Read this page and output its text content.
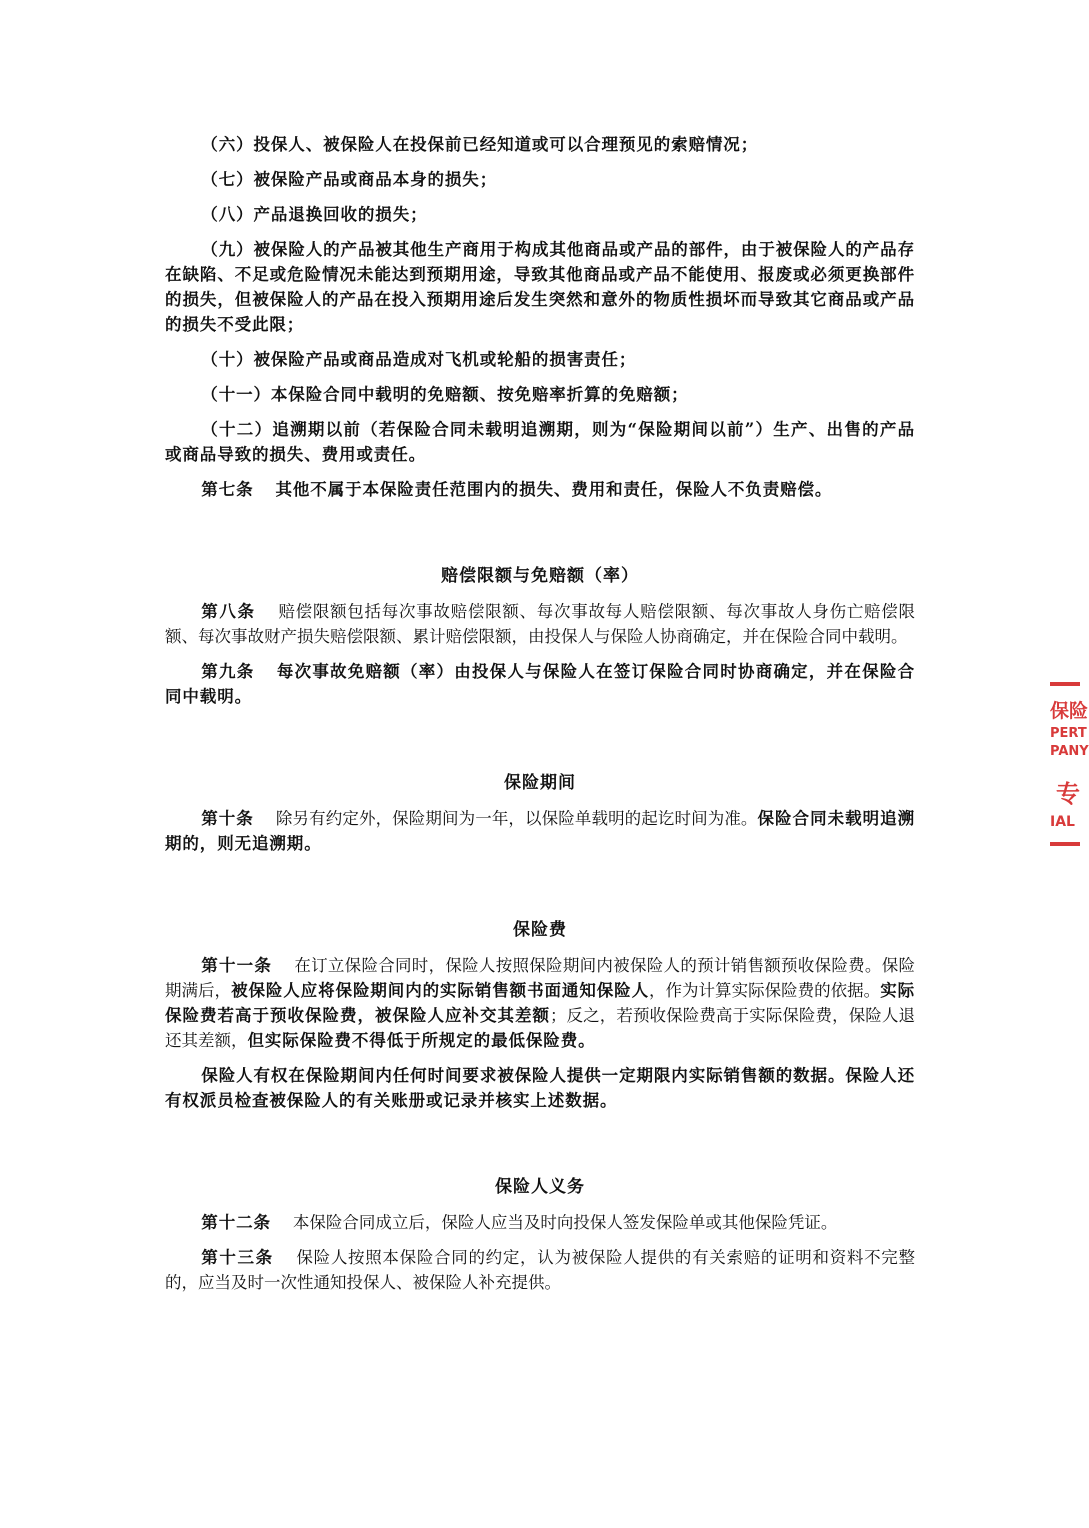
（六）投保人、被保险人在投保前已经知道或可以合理预见的索赔情况；

（七）被保险产品或商品本身的损失；

（八）产品退换回收的损失；

（九）被保险人的产品被其他生产商用于构成其他商品或产品的部件，由于被保险人的产品存在缺陷、不足或危险情况未能达到预期用途，导致其他商品或产品不能使用、报废或必须更换部件的损失，但被保险人的产品在投入预期用途后发生突然和意外的物质性损坏而导致其它商品或产品的损失不受此限；

（十）被保险产品或商品造成对飞机或轮船的损害责任；

（十一）本保险合同中载明的免赔额、按免赔率折算的免赔额；

（十二）追溯期以前（若保险合同未载明追溯期，则为“保险期间以前”）生产、出售的产品或商品导致的损失、费用或责任。

第七条 其他不属于本保险责任范围内的损失、费用和责任，保险人不负责赔偿。

赔偿限额与免赔额（率）

第八条 赔偿限额包括每次事故赔偿限额、每次事故每人赔偿限额、每次事故人身伤亡赔偿限额、每次事故财产损失赔偿限额、累计赔偿限额，由投保人与保险人协商确定，并在保险合同中载明。

第九条 每次事故免赔额（率）由投保人与保险人在签订保险合同时协商确定，并在保险合同中载明。

保险期间

第十条 除另有约定外，保险期间为一年，以保险单载明的起讫时间为准。保险合同未载明追溯期的，则无追溯期。

保险费

第十一条 在订立保险合同时，保险人按照保险期间内被保险人的预计销售额预收保险费。保险期满后，被保险人应将保险期间内的实际销售额书面通知保险人，作为计算实际保险费的依据。实际保险费若高于预收保险费，被保险人应补交其差额；反之，若预收保险费高于实际保险费，保险人退还其差额，但实际保险费不得低于所规定的最低保险费。

保险人有权在保险期间内任何时间要求被保险人提供一定期限内实际销售额的数据。保险人还有权派员检查被保险人的有关账册或记录并核实上述数据。

保险人义务

第十二条 本保险合同成立后，保险人应当及时向投保人签发保险单或其他保险凭证。

第十三条 保险人按照本保险合同的约定，认为被保险人提供的有关索赔的证明和资料不完整的，应当及时一次性通知投保人、被保险人补充提供。

保险
PERT
PANY
专
IAL
